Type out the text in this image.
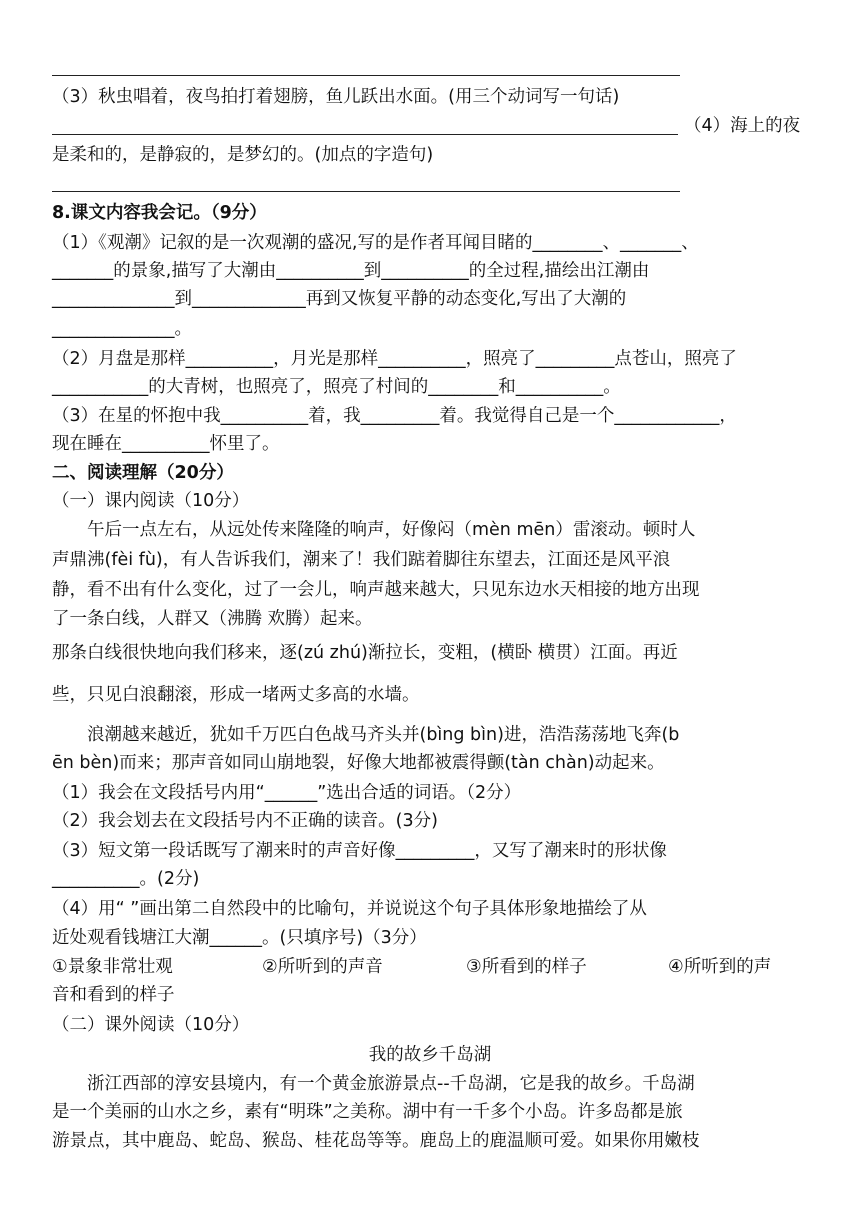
（3）秋虫唱着，夜鸟拍打着翅膀，鱼儿跃出水面。(用三个动词写一句话)
（4）海上的夜
是柔和的，是静寂的，是梦幻的。(加点的字造句)
8.课文内容我会记。（9分）
（1）《观潮》记叙的是一次观潮的盛况,写的是作者耳闻目睹的________、_______、
_______的景象,描写了大潮由__________到__________的全过程,描绘出江潮由
______________到_____________再到又恢复平静的动态变化,写出了大潮的
______________。
（2）月盘是那样__________，月光是那样__________，照亮了_________点苍山，照亮了
___________的大青树，也照亮了，照亮了村间的________和__________。
（3）在星的怀抱中我__________着，我_________着。我觉得自己是一个____________，
现在睡在__________怀里了。
二、阅读理解（20分）
（一）课内阅读（10分）
　　午后一点左右，从远处传来隆隆的响声，好像闷（mèn mēn）雷滚动。顿时人
声鼎沸(fèi fù)，有人告诉我们，潮来了！我们踮着脚往东望去，江面还是风平浪
静，看不出有什么变化，过了一会儿，响声越来越大，只见东边水天相接的地方出现
了一条白线，人群又（沸腾 欢腾）起来。
那条白线很快地向我们移来，逐(zú zhú)渐拉长，变粗，(横卧 横贯）江面。再近
些，只见白浪翻滚，形成一堵两丈多高的水墙。
　　浪潮越来越近，犹如千万匹白色战马齐头并(bìng bìn)进，浩浩荡荡地飞奔(b
ēn bèn)而来；那声音如同山崩地裂，好像大地都被震得颤(tàn chàn)动起来。
（1）我会在文段括号内用“______”选出合适的词语。（2分）
（2）我会划去在文段括号内不正确的读音。(3分)
（3）短文第一段话既写了潮来时的声音好像_________，又写了潮来时的形状像
__________。(2分)
（4）用“ ”画出第二自然段中的比喻句，并说说这个句子具体形象地描绘了从
近处观看钱塘江大潮______。(只填序号)（3分）
①景象非常壮观	②所听到的声音	③所看到的样子	④所听到的声
音和看到的样子
（二）课外阅读（10分）
我的故乡千岛湖
　　浙江西部的淳安县境内，有一个黄金旅游景点--千岛湖，它是我的故乡。千岛湖
是一个美丽的山水之乡，素有“明珠”之美称。湖中有一千多个小岛。许多岛都是旅
游景点，其中鹿岛、蛇岛、猴岛、桂花岛等等。鹿岛上的鹿温顺可爱。如果你用嫩枝
